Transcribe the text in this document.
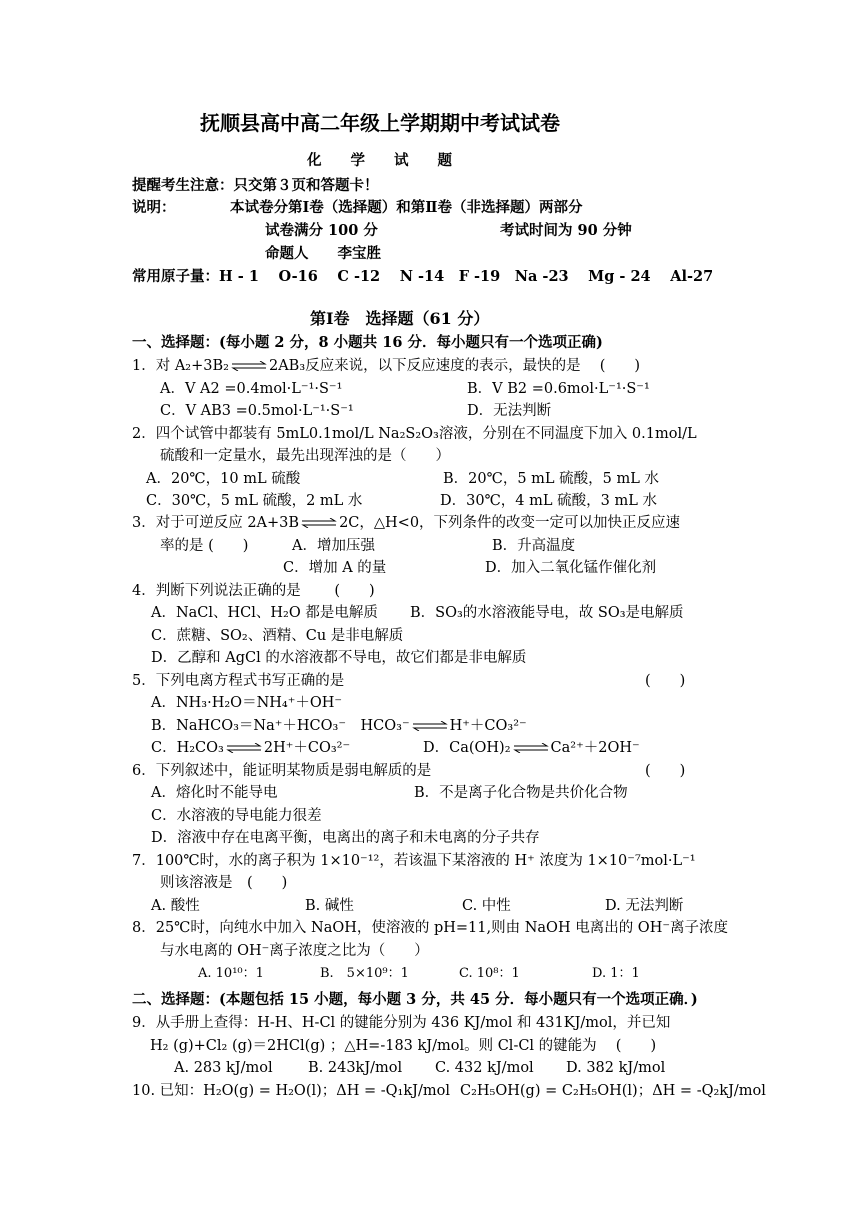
抚顺县高中高二年级上学期期中考试试卷
化　　学　　试　　题
提醒考生注意：只交第３页和答题卡！
说明：	本试卷分第Ⅰ卷（选择题）和第Ⅱ卷（非选择题）两部分
试卷满分 100 分	考试时间为 90 分钟
命题人　　李宝胜
常用原子量：H - 1　 O-16　 C -12　 N -14　F -19　Na -23　 Mg - 24　 Al-27
第Ⅰ卷　选择题（61 分）
一、选择题：(每小题 2 分，8 小题共 16 分．每小题只有一个选项正确)
1．对 A₂+3B₂ ⇌ 2AB₃反应来说，以下反应速度的表示，最快的是　 (　　)
A．V A2 =0.4mol·L⁻¹·S⁻¹	B．V B2 =0.6mol·L⁻¹·S⁻¹
C．V AB3 =0.5mol·L⁻¹·S⁻¹	D．无法判断
2．四个试管中都装有 5mL0.1mol/L Na₂S₂O₃溶液，分别在不同温度下加入 0.1mol/L
硫酸和一定量水，最先出现浑浊的是（　　）
A．20℃，10 mL 硫酸	B．20℃，5 mL 硫酸，5 mL 水
C．30℃，5 mL 硫酸，2 mL 水	D．30℃，4 mL 硫酸，3 mL 水
3．对于可逆反应 2A+3B ⇌ 2C，△H<0，下列条件的改变一定可以加快正反应速
率的是 (　　)	A．增加压强	B．升高温度
C．增加 A 的量	D．加入二氧化锰作催化剂
4．判断下列说法正确的是　　 (　　)
A．NaCl、HCl、H₂O 都是电解质 B．SO₃的水溶液能导电，故 SO₃是电解质
C．蔗糖、SO₂、酒精、Cu 是非电解质
D．乙醇和 AgCl 的水溶液都不导电，故它们都是非电解质
5．下列电离方程式书写正确的是	(　　)
A．NH₃·H₂O＝NH₄⁺＋OH⁻
B．NaHCO₃＝Na⁺＋HCO₃⁻　HCO₃⁻ ⇌ H⁺＋CO₃²⁻
C．H₂CO₃ ⇌ 2H⁺＋CO₃²⁻	D．Ca(OH)₂ ⇌ Ca²⁺＋2OH⁻
6．下列叙述中，能证明某物质是弱电解质的是	(　　)
A．熔化时不能导电	B．不是离子化合物是共价化合物
C．水溶液的导电能力很差
D．溶液中存在电离平衡，电离出的离子和未电离的分子共存
7．100℃时，水的离子积为 1×10⁻¹²，若该温下某溶液的 H⁺ 浓度为 1×10⁻⁷mol·L⁻¹
则该溶液是　(　　)
A. 酸性	B. 碱性	C. 中性	D. 无法判断
8．25℃时，向纯水中加入 NaOH，使溶液的 pH=11,则由 NaOH 电离出的 OH⁻离子浓度
与水电离的 OH⁻离子浓度之比为（　　）
A. 10¹⁰：1	B.　5×10⁹：1	C. 10⁸：1	D. 1：1
二、选择题：(本题包括 15 小题，每小题 3 分，共 45 分．每小题只有一个选项正确．)
9．从手册上查得：H-H、H-Cl 的键能分别为 436 KJ/mol 和 431KJ/mol，并已知
H₂ (g)+Cl₂ (g)＝2HCl(g) ；△H=-183 kJ/mol。则 Cl-Cl 的键能为　 (　　)
A. 283 kJ/mol B. 243kJ/mol C. 432 kJ/mol D. 382 kJ/mol
10. 已知：H₂O(g) = H₂O(l)；ΔH = -Q₁kJ/mol C₂H₅OH(g) = C₂H₅OH(l)；ΔH = -Q₂kJ/mol
